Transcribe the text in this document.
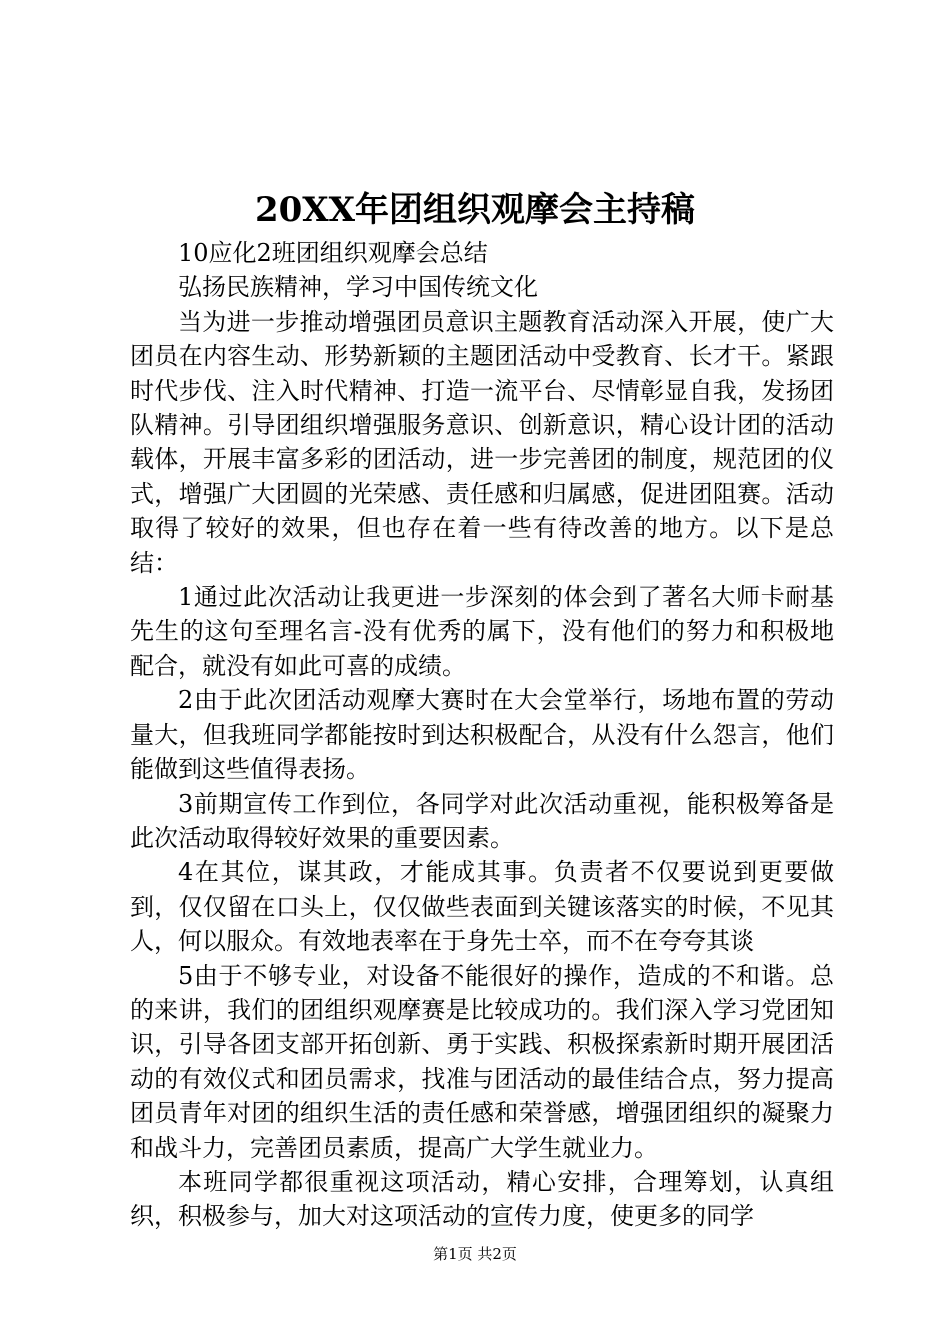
20XX年团组织观摩会主持稿

10应化2班团组织观摩会总结

弘扬民族精神，学习中国传统文化

当为进一步推动增强团员意识主题教育活动深入开展，使广大团员在内容生动、形势新颖的主题团活动中受教育、长才干。紧跟时代步伐、注入时代精神、打造一流平台、尽情彰显自我，发扬团队精神。引导团组织增强服务意识、创新意识，精心设计团的活动载体，开展丰富多彩的团活动，进一步完善团的制度，规范团的仪式，增强广大团圆的光荣感、责任感和归属感，促进团阻赛。活动取得了较好的效果，但也存在着一些有待改善的地方。以下是总结：

1通过此次活动让我更进一步深刻的体会到了著名大师卡耐基先生的这句至理名言-没有优秀的属下，没有他们的努力和积极地配合，就没有如此可喜的成绩。

2由于此次团活动观摩大赛时在大会堂举行，场地布置的劳动量大，但我班同学都能按时到达积极配合，从没有什么怨言，他们能做到这些值得表扬。

3前期宣传工作到位，各同学对此次活动重视，能积极筹备是此次活动取得较好效果的重要因素。

4在其位，谋其政，才能成其事。负责者不仅要说到更要做到，仅仅留在口头上，仅仅做些表面到关键该落实的时候，不见其人，何以服众。有效地表率在于身先士卒，而不在夸夸其谈

5由于不够专业，对设备不能很好的操作，造成的不和谐。总的来讲，我们的团组织观摩赛是比较成功的。我们深入学习党团知识，引导各团支部开拓创新、勇于实践、积极探索新时期开展团活动的有效仪式和团员需求，找准与团活动的最佳结合点，努力提高团员青年对团的组织生活的责任感和荣誉感，增强团组织的凝聚力和战斗力，完善团员素质，提高广大学生就业力。

本班同学都很重视这项活动，精心安排，合理筹划，认真组织，积极参与，加大对这项活动的宣传力度，使更多的同学

第1页 共2页
